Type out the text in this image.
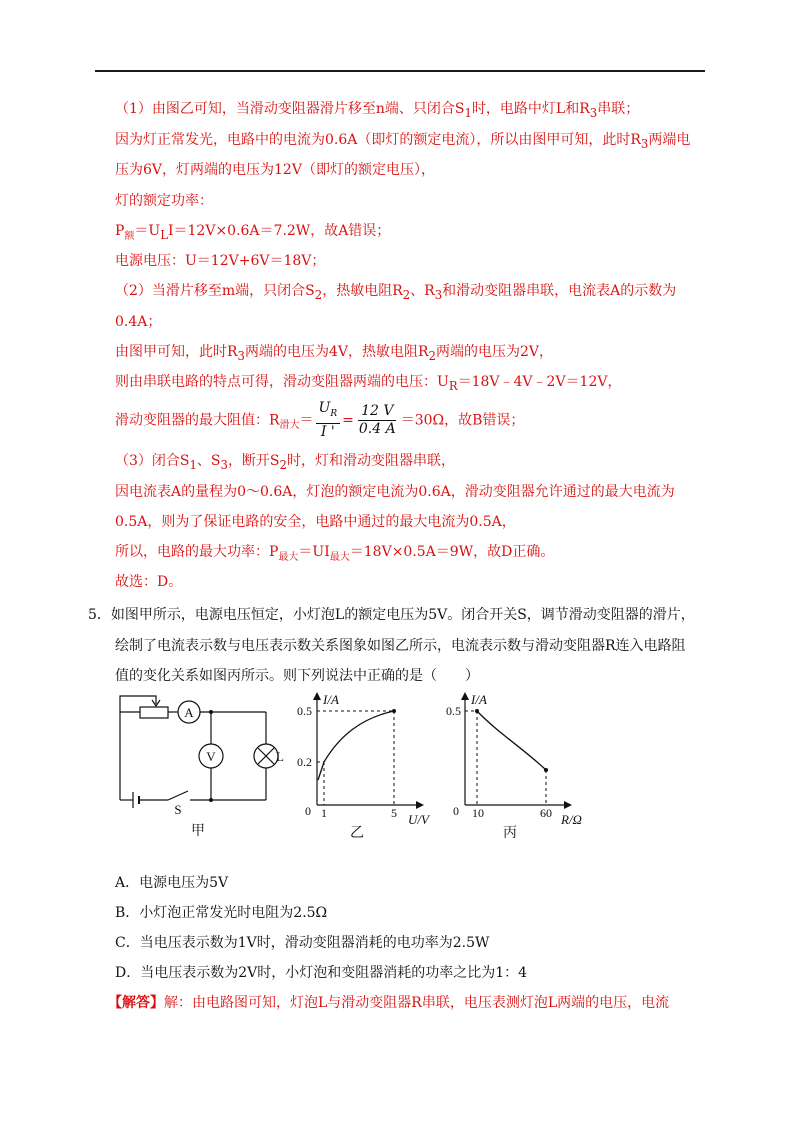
（1）由图乙可知，当滑动变阻器滑片移至n端、只闭合$S_1$时，电路中灯L和$R_3$串联；
因为灯正常发光，电路中的电流为0.6A（即灯的额定电流），所以由图甲可知，此时$R_3$两端电
压为6V，灯两端的电压为12V（即灯的额定电压），
灯的额定功率：
$P_额=U_LI=12V\times 0.6A=7.2W$，故A错误；
电源电压：U＝12V+6V＝18V；
（2）当滑片移至m端，只闭合$S_2$，热敏电阻$R_2$、$R_3$和滑动变阻器串联，电流表A的示数为
0.4A；
由图甲可知，此时$R_3$两端的电压为4V，热敏电阻$R_2$两端的电压为2V，
则由串联电路的特点可得，滑动变阻器两端的电压：$U_R=18V﹣4V﹣2V=12V$，
滑动变阻器的最大阻值：$R_{滑大}= \frac{U_R}{I '} = \frac{12 V}{0.4 A} =30\Omega$，故B错误；
（3）闭合$S_1$、$S_3$，断开$S_2$时，灯和滑动变阻器串联，
因电流表A的量程为0～0.6A，灯泡的额定电流为0.6A，滑动变阻器允许通过的最大电流为
0.5A，则为了保证电路的安全，电路中通过的最大电流为0.5A，
所以，电路的最大功率：$P_{最大}=UI_{最大}=18V\times 0.5A=9W$，故D正确。
故选：D。
5．如图甲所示，电源电压恒定，小灯泡L的额定电压为5V。闭合开关S，调节滑动变阻器的滑片，
绘制了电流表示数与电压表示数关系图象如图乙所示，电流表示数与滑动变阻器R连入电路阻
值的变化关系如图丙所示。则下列说法中正确的是（　　）
A
V	L
S
甲
I/A
U/V
0
0.5
0.2
1	5
乙
I/A
R/Ω
0
0.5
10	60
丙
A．电源电压为5V
B．小灯泡正常发光时电阻为2.5Ω
C．当电压表示数为1V时，滑动变阻器消耗的电功率为2.5W
D．当电压表示数为2V时，小灯泡和变阻器消耗的功率之比为1：4
【解答】解：由电路图可知，灯泡L与滑动变阻器R串联，电压表测灯泡L两端的电压，电流
